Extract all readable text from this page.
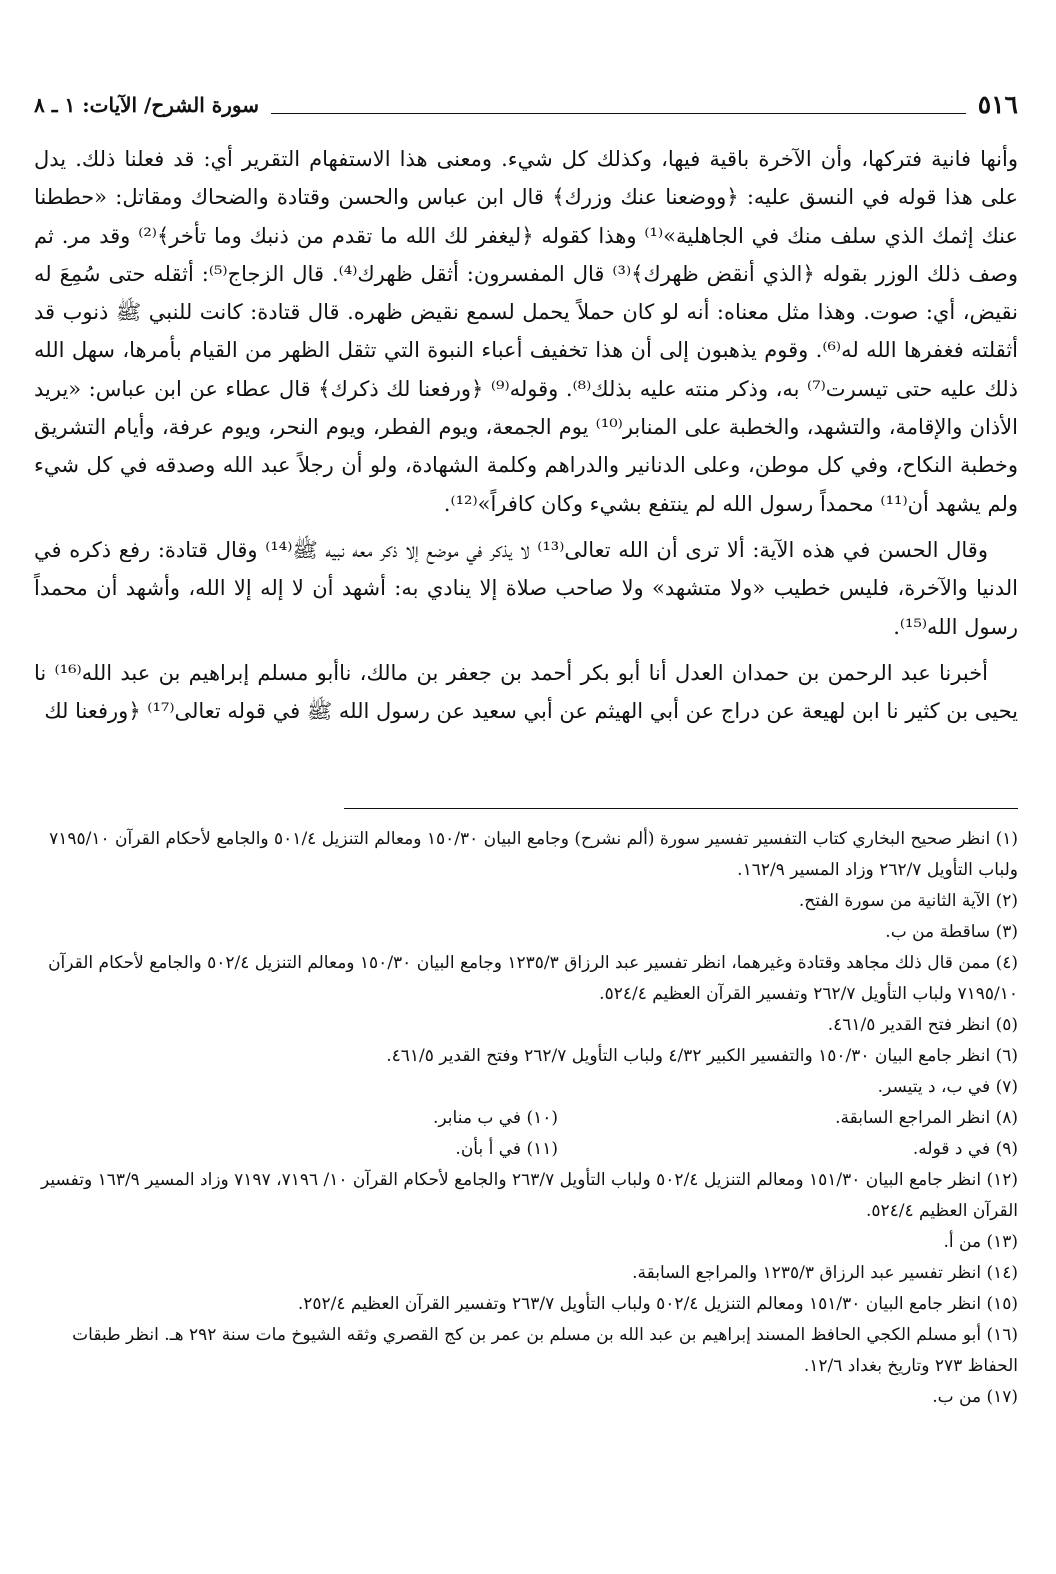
٥١٦
سورة الشرح/ الآيات: ١ ـ ٨

وأنها فانية فتركها، وأن الآخرة باقية فيها، وكذلك كل شيء. ومعنى هذا الاستفهام التقرير أي: قد فعلنا ذلك. يدل على هذا قوله في النسق عليه: ﴿ووضعنا عنك وزرك﴾ قال ابن عباس والحسن وقتادة والضحاك ومقاتل: «حططنا عنك إثمك الذي سلف منك في الجاهلية»⁽¹⁾ وهذا كقوله ﴿ليغفر لك الله ما تقدم من ذنبك وما تأخر﴾⁽²⁾ وقد مر. ثم وصف ذلك الوزر بقوله ﴿الذي أنقض ظهرك﴾⁽³⁾ قال المفسرون: أثقل ظهرك⁽⁴⁾. قال الزجاج⁽⁵⁾: أثقله حتى سُمِعَ له نقيض، أي: صوت. وهذا مثل معناه: أنه لو كان حملاً يحمل لسمع نقيض ظهره. قال قتادة: كانت للنبي ﷺ ذنوب قد أثقلته فغفرها الله له⁽⁶⁾. وقوم يذهبون إلى أن هذا تخفيف أعباء النبوة التي تثقل الظهر من القيام بأمرها، سهل الله ذلك عليه حتى تيسرت⁽⁷⁾ به، وذكر منته عليه بذلك⁽⁸⁾. وقوله⁽⁹⁾ ﴿ورفعنا لك ذكرك﴾ قال عطاء عن ابن عباس: «يريد الأذان والإقامة، والتشهد، والخطبة على المنابر⁽¹⁰⁾ يوم الجمعة، ويوم الفطر، ويوم النحر، ويوم عرفة، وأيام التشريق وخطبة النكاح، وفي كل موطن، وعلى الدنانير والدراهم وكلمة الشهادة، ولو أن رجلاً عبد الله وصدقه في كل شيء ولم يشهد أن⁽¹¹⁾ محمداً رسول الله لم ينتفع بشيء وكان كافراً»⁽¹²⁾.

وقال الحسن في هذه الآية: ألا ترى أن الله تعالى⁽¹³⁾ لا يذكر في موضع إلا ذكر معه نبيه ﷺ⁽¹⁴⁾ وقال قتادة: رفع ذكره في الدنيا والآخرة، فليس خطيب «ولا متشهد» ولا صاحب صلاة إلا ينادي به: أشهد أن لا إله إلا الله، وأشهد أن محمداً رسول الله⁽¹⁵⁾.

أخبرنا عبد الرحمن بن حمدان العدل أنا أبو بكر أحمد بن جعفر بن مالك، ناأبو مسلم إبراهيم بن عبد الله⁽¹⁶⁾ نا يحيى بن كثير نا ابن لهيعة عن دراج عن أبي الهيثم عن أبي سعيد عن رسول الله ﷺ في قوله تعالى⁽¹⁷⁾ ﴿ورفعنا لك

(١) انظر صحيح البخاري كتاب التفسير تفسير سورة (ألم نشرح) وجامع البيان ١٥٠/٣٠ ومعالم التنزيل ٥٠١/٤ والجامع لأحكام القرآن ٧١٩٥/١٠ ولباب التأويل ٢٦٢/٧ وزاد المسير ١٦٢/٩.

(٢) الآية الثانية من سورة الفتح.

(٣) ساقطة من ب.

(٤) ممن قال ذلك مجاهد وقتادة وغيرهما، انظر تفسير عبد الرزاق ١٢٣٥/٣ وجامع البيان ١٥٠/٣٠ ومعالم التنزيل ٥٠٢/٤ والجامع لأحكام القرآن ٧١٩٥/١٠ ولباب التأويل ٢٦٢/٧ وتفسير القرآن العظيم ٥٢٤/٤.

(٥) انظر فتح القدير ٤٦١/٥.

(٦) انظر جامع البيان ١٥٠/٣٠ والتفسير الكبير ٤/٣٢ ولباب التأويل ٢٦٢/٧ وفتح القدير ٤٦١/٥.

(٧) في ب، د يتيسر.

(٨) انظر المراجع السابقة.

(١٠) في ب منابر.

(٩) في د قوله.

(١١) في أ بأن.

(١٢) انظر جامع البيان ١٥١/٣٠ ومعالم التنزيل ٥٠٢/٤ ولباب التأويل ٢٦٣/٧ والجامع لأحكام القرآن ١٠/ ٧١٩٦، ٧١٩٧ وزاد المسير ١٦٣/٩ وتفسير القرآن العظيم ٥٢٤/٤.

(١٣) من أ.

(١٤) انظر تفسير عبد الرزاق ١٢٣٥/٣ والمراجع السابقة.

(١٥) انظر جامع البيان ١٥١/٣٠ ومعالم التنزيل ٥٠٢/٤ ولباب التأويل ٢٦٣/٧ وتفسير القرآن العظيم ٢٥٢/٤.

(١٦) أبو مسلم الكجي الحافظ المسند إبراهيم بن عبد الله بن مسلم بن عمر بن كج القصري وثقه الشيوخ مات سنة ٢٩٢ هـ. انظر طبقات الحفاظ ٢٧٣ وتاريخ بغداد ١٢/٦.

(١٧) من ب.
